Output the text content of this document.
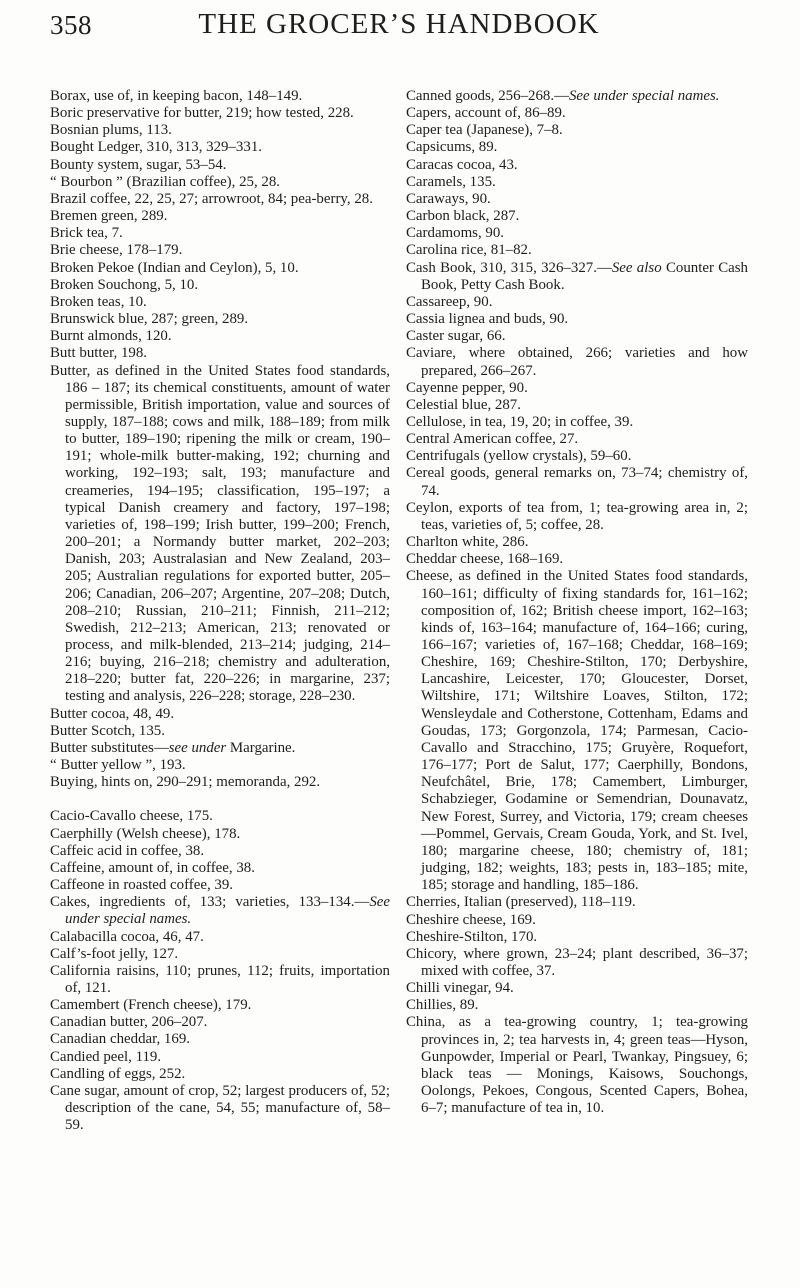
358	THE GROCER’S HANDBOOK
Borax, use of, in keeping bacon, 148–149.
Boric preservative for butter, 219; how tested, 228.
Bosnian plums, 113.
Bought Ledger, 310, 313, 329–331.
Bounty system, sugar, 53–54.
“ Bourbon ” (Brazilian coffee), 25, 28.
Brazil coffee, 22, 25, 27; arrowroot, 84; pea-berry, 28.
Bremen green, 289.
Brick tea, 7.
Brie cheese, 178–179.
Broken Pekoe (Indian and Ceylon), 5, 10.
Broken Souchong, 5, 10.
Broken teas, 10.
Brunswick blue, 287; green, 289.
Burnt almonds, 120.
Butt butter, 198.
Butter, as defined in the United States food standards, 186 – 187; its chemical constituents, amount of water permissible, British importation, value and sources of supply, 187–188; cows and milk, 188–189; from milk to butter, 189–190; ripening the milk or cream, 190–191; whole-milk butter-making, 192; churning and working, 192–193; salt, 193; manufacture and creameries, 194–195; classification, 195–197; a typical Danish creamery and factory, 197–198; varieties of, 198–199; Irish butter, 199–200; French, 200–201; a Normandy butter market, 202–203; Danish, 203; Australasian and New Zealand, 203–205; Australian regulations for exported butter, 205–206; Canadian, 206–207; Argentine, 207–208; Dutch, 208–210; Russian, 210–211; Finnish, 211–212; Swedish, 212–213; American, 213; renovated or process, and milk-blended, 213–214; judging, 214–216; buying, 216–218; chemistry and adulteration, 218–220; butter fat, 220–226; in margarine, 237; testing and analysis, 226–228; storage, 228–230.
Butter cocoa, 48, 49.
Butter Scotch, 135.
Butter substitutes—see under Margarine.
“ Butter yellow ”, 193.
Buying, hints on, 290–291; memoranda, 292.
Cacio-Cavallo cheese, 175.
Caerphilly (Welsh cheese), 178.
Caffeic acid in coffee, 38.
Caffeine, amount of, in coffee, 38.
Caffeone in roasted coffee, 39.
Cakes, ingredients of, 133; varieties, 133–134.—See under special names.
Calabacilla cocoa, 46, 47.
Calf’s-foot jelly, 127.
California raisins, 110; prunes, 112; fruits, importation of, 121.
Camembert (French cheese), 179.
Canadian butter, 206–207.
Canadian cheddar, 169.
Candied peel, 119.
Candling of eggs, 252.
Cane sugar, amount of crop, 52; largest producers of, 52; description of the cane, 54, 55; manufacture of, 58–59.
Canned goods, 256–268.—See under special names.
Capers, account of, 86–89.
Caper tea (Japanese), 7–8.
Capsicums, 89.
Caracas cocoa, 43.
Caramels, 135.
Caraways, 90.
Carbon black, 287.
Cardamoms, 90.
Carolina rice, 81–82.
Cash Book, 310, 315, 326–327.—See also Counter Cash Book, Petty Cash Book.
Cassareep, 90.
Cassia lignea and buds, 90.
Caster sugar, 66.
Caviare, where obtained, 266; varieties and how prepared, 266–267.
Cayenne pepper, 90.
Celestial blue, 287.
Cellulose, in tea, 19, 20; in coffee, 39.
Central American coffee, 27.
Centrifugals (yellow crystals), 59–60.
Cereal goods, general remarks on, 73–74; chemistry of, 74.
Ceylon, exports of tea from, 1; tea-growing area in, 2; teas, varieties of, 5; coffee, 28.
Charlton white, 286.
Cheddar cheese, 168–169.
Cheese, as defined in the United States food standards, 160–161; difficulty of fixing standards for, 161–162; composition of, 162; British cheese import, 162–163; kinds of, 163–164; manufacture of, 164–166; curing, 166–167; varieties of, 167–168; Cheddar, 168–169; Cheshire, 169; Cheshire-Stilton, 170; Derbyshire, Lancashire, Leicester, 170; Gloucester, Dorset, Wiltshire, 171; Wiltshire Loaves, Stilton, 172; Wensleydale and Cotherstone, Cottenham, Edams and Goudas, 173; Gorgonzola, 174; Parmesan, Cacio-Cavallo and Stracchino, 175; Gruyère, Roquefort, 176–177; Port de Salut, 177; Caerphilly, Bondons, Neufchâtel, Brie, 178; Camembert, Limburger, Schabzieger, Godamine or Semendrian, Dounavatz, New Forest, Surrey, and Victoria, 179; cream cheeses—Pommel, Gervais, Cream Gouda, York, and St. Ivel, 180; margarine cheese, 180; chemistry of, 181; judging, 182; weights, 183; pests in, 183–185; mite, 185; storage and handling, 185–186.
Cherries, Italian (preserved), 118–119.
Cheshire cheese, 169.
Cheshire-Stilton, 170.
Chicory, where grown, 23–24; plant described, 36–37; mixed with coffee, 37.
Chilli vinegar, 94.
Chillies, 89.
China, as a tea-growing country, 1; tea-growing provinces in, 2; tea harvests in, 4; green teas—Hyson, Gunpowder, Imperial or Pearl, Twankay, Pingsuey, 6; black teas — Monings, Kaisows, Souchongs, Oolongs, Pekoes, Congous, Scented Capers, Bohea, 6–7; manufacture of tea in, 10.
